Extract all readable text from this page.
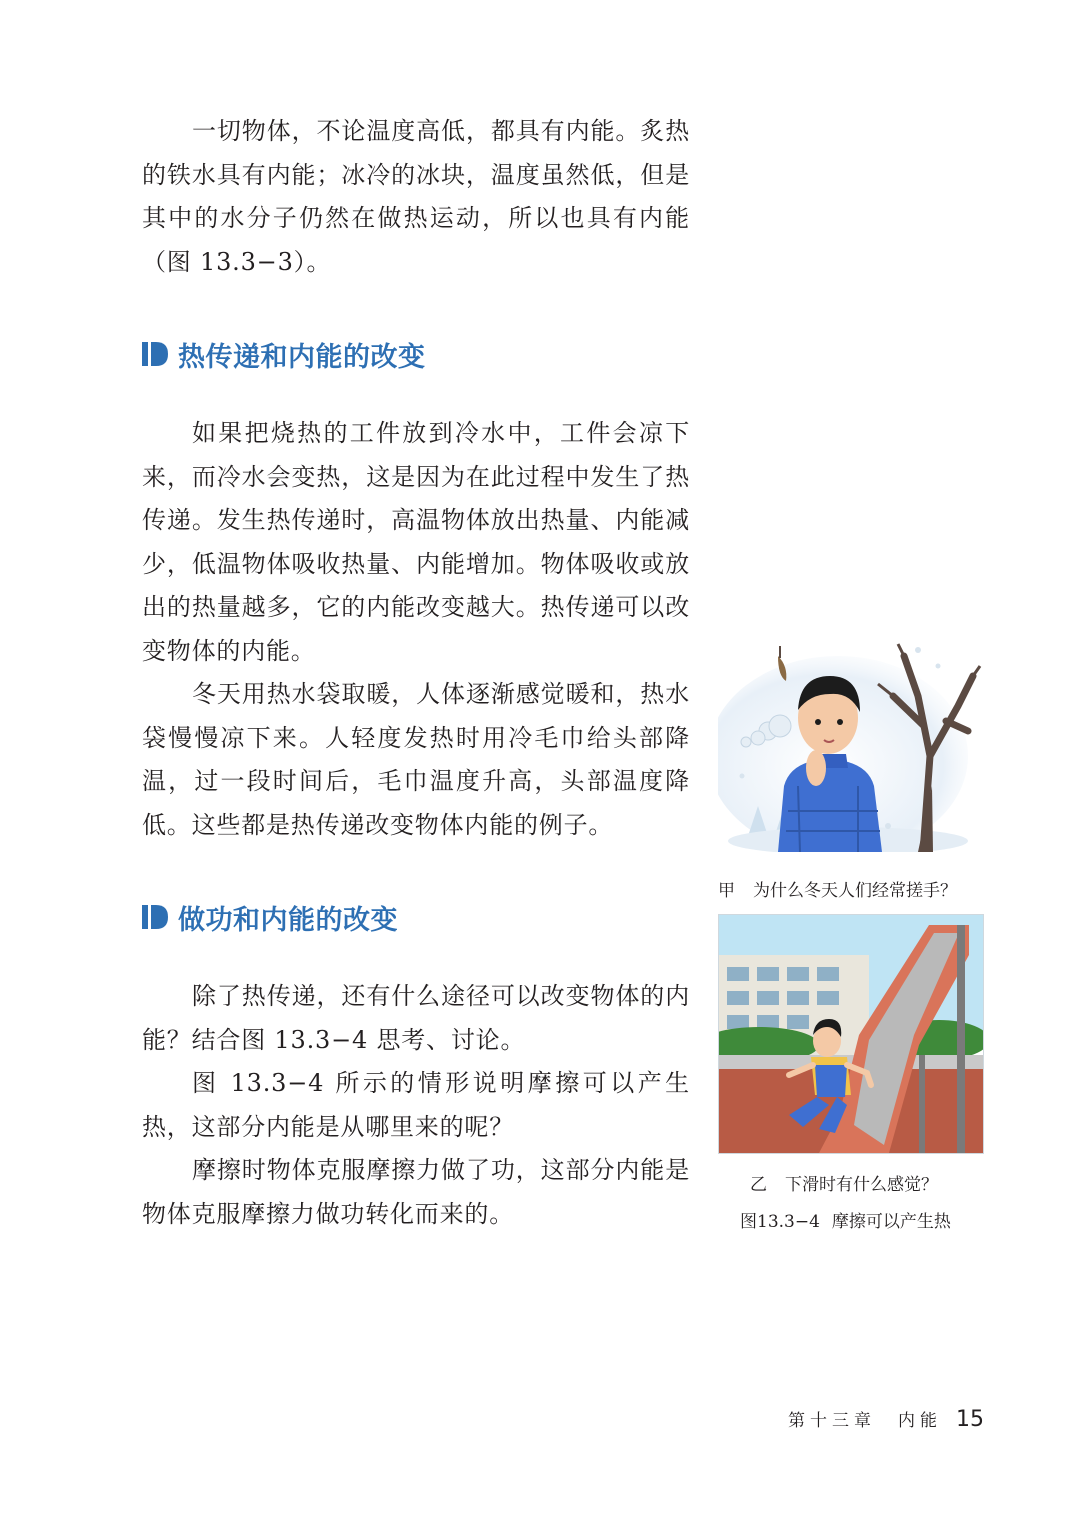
一切物体，不论温度高低，都具有内能。炙热的铁水具有内能；冰冷的冰块，温度虽然低，但是其中的水分子仍然在做热运动，所以也具有内能（图 13.3−3）。

热传递和内能的改变

如果把烧热的工件放到冷水中，工件会凉下来，而冷水会变热，这是因为在此过程中发生了热传递。发生热传递时，高温物体放出热量、内能减少，低温物体吸收热量、内能增加。物体吸收或放出的热量越多，它的内能改变越大。热传递可以改变物体的内能。

冬天用热水袋取暖，人体逐渐感觉暖和，热水袋慢慢凉下来。人轻度发热时用冷毛巾给头部降温，过一段时间后，毛巾温度升高，头部温度降低。这些都是热传递改变物体内能的例子。

做功和内能的改变

除了热传递，还有什么途径可以改变物体的内能？结合图 13.3−4 思考、讨论。

图 13.3−4 所示的情形说明摩擦可以产生热，这部分内能是从哪里来的呢？

摩擦时物体克服摩擦力做了功，这部分内能是物体克服摩擦力做功转化而来的。

甲 为什么冬天人们经常搓手？
乙 下滑时有什么感觉？
图13.3−4 摩擦可以产生热
第十三章　内能 15
